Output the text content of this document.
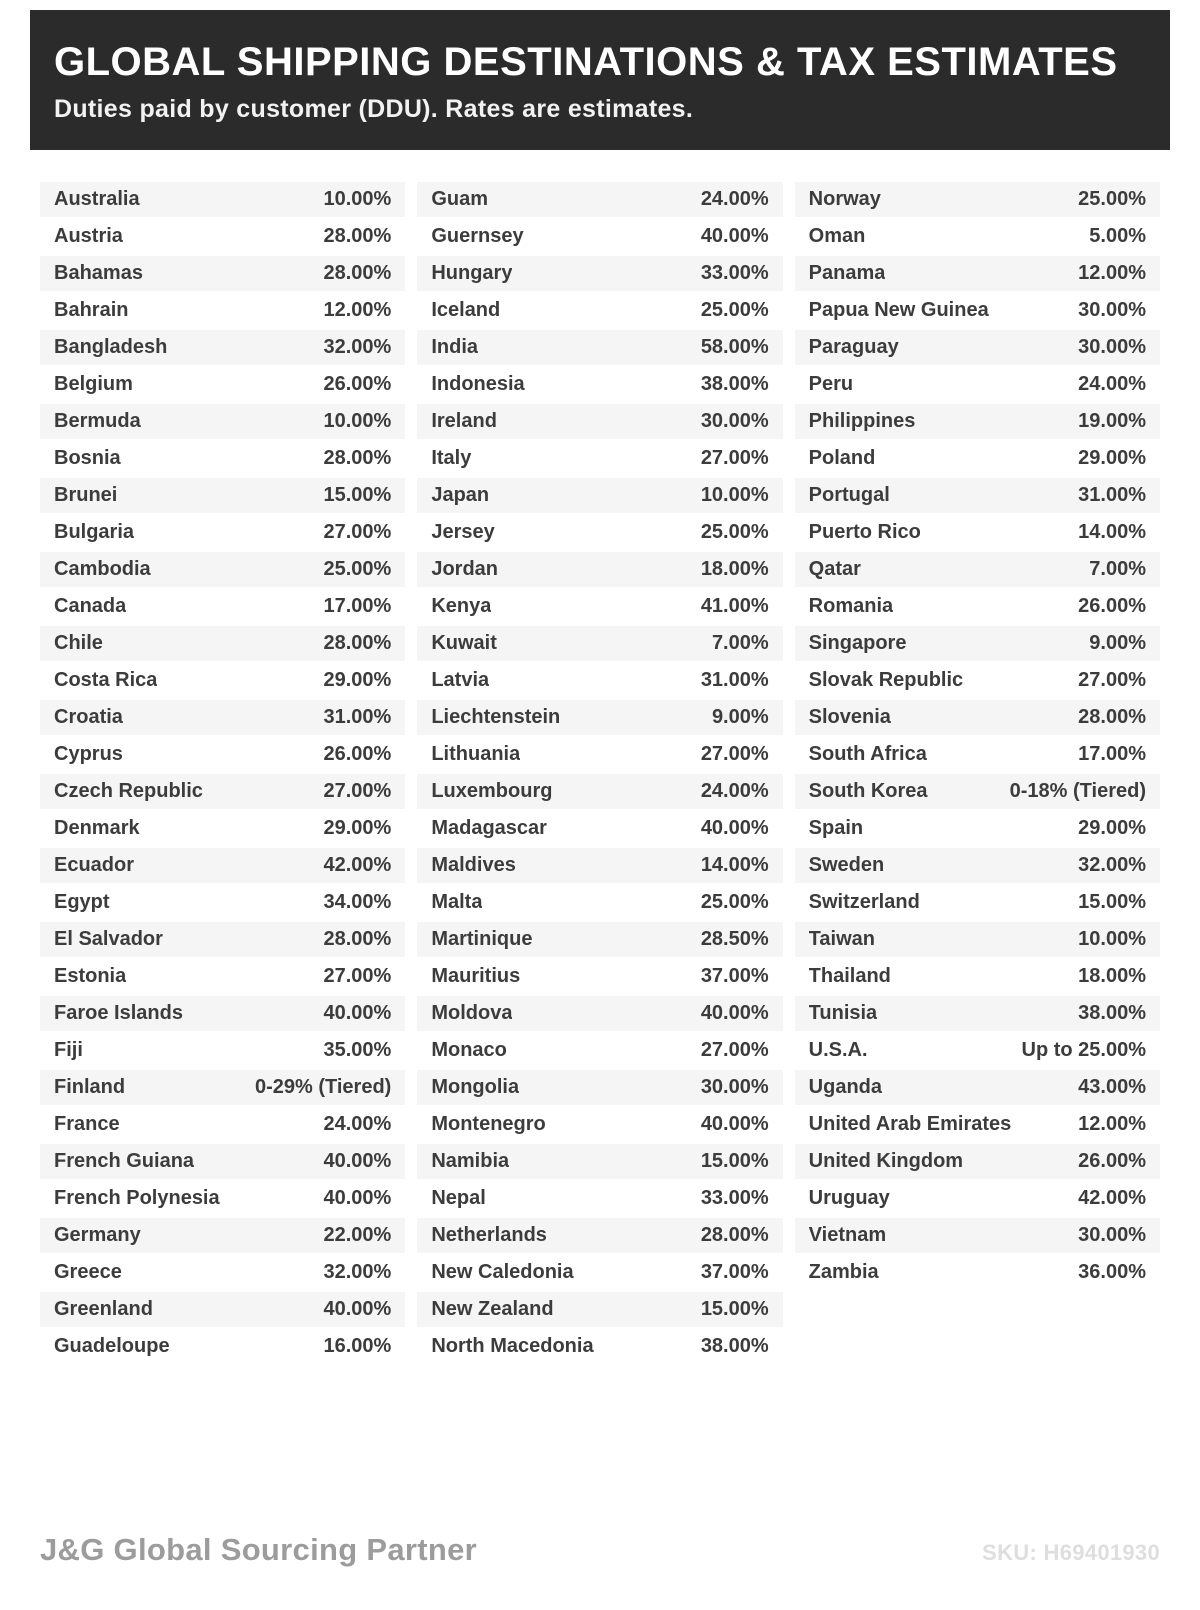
GLOBAL SHIPPING DESTINATIONS & TAX ESTIMATES
Duties paid by customer (DDU). Rates are estimates.
Australia	10.00%
Austria	28.00%
Bahamas	28.00%
Bahrain	12.00%
Bangladesh	32.00%
Belgium	26.00%
Bermuda	10.00%
Bosnia	28.00%
Brunei	15.00%
Bulgaria	27.00%
Cambodia	25.00%
Canada	17.00%
Chile	28.00%
Costa Rica	29.00%
Croatia	31.00%
Cyprus	26.00%
Czech Republic	27.00%
Denmark	29.00%
Ecuador	42.00%
Egypt	34.00%
El Salvador	28.00%
Estonia	27.00%
Faroe Islands	40.00%
Fiji	35.00%
Finland	0-29% (Tiered)
France	24.00%
French Guiana	40.00%
French Polynesia	40.00%
Germany	22.00%
Greece	32.00%
Greenland	40.00%
Guadeloupe	16.00%
Guam	24.00%
Guernsey	40.00%
Hungary	33.00%
Iceland	25.00%
India	58.00%
Indonesia	38.00%
Ireland	30.00%
Italy	27.00%
Japan	10.00%
Jersey	25.00%
Jordan	18.00%
Kenya	41.00%
Kuwait	7.00%
Latvia	31.00%
Liechtenstein	9.00%
Lithuania	27.00%
Luxembourg	24.00%
Madagascar	40.00%
Maldives	14.00%
Malta	25.00%
Martinique	28.50%
Mauritius	37.00%
Moldova	40.00%
Monaco	27.00%
Mongolia	30.00%
Montenegro	40.00%
Namibia	15.00%
Nepal	33.00%
Netherlands	28.00%
New Caledonia	37.00%
New Zealand	15.00%
North Macedonia	38.00%
Norway	25.00%
Oman	5.00%
Panama	12.00%
Papua New Guinea	30.00%
Paraguay	30.00%
Peru	24.00%
Philippines	19.00%
Poland	29.00%
Portugal	31.00%
Puerto Rico	14.00%
Qatar	7.00%
Romania	26.00%
Singapore	9.00%
Slovak Republic	27.00%
Slovenia	28.00%
South Africa	17.00%
South Korea	0-18% (Tiered)
Spain	29.00%
Sweden	32.00%
Switzerland	15.00%
Taiwan	10.00%
Thailand	18.00%
Tunisia	38.00%
U.S.A.	Up to 25.00%
Uganda	43.00%
United Arab Emirates	12.00%
United Kingdom	26.00%
Uruguay	42.00%
Vietnam	30.00%
Zambia	36.00%
J&G Global Sourcing Partner	SKU: H69401930
